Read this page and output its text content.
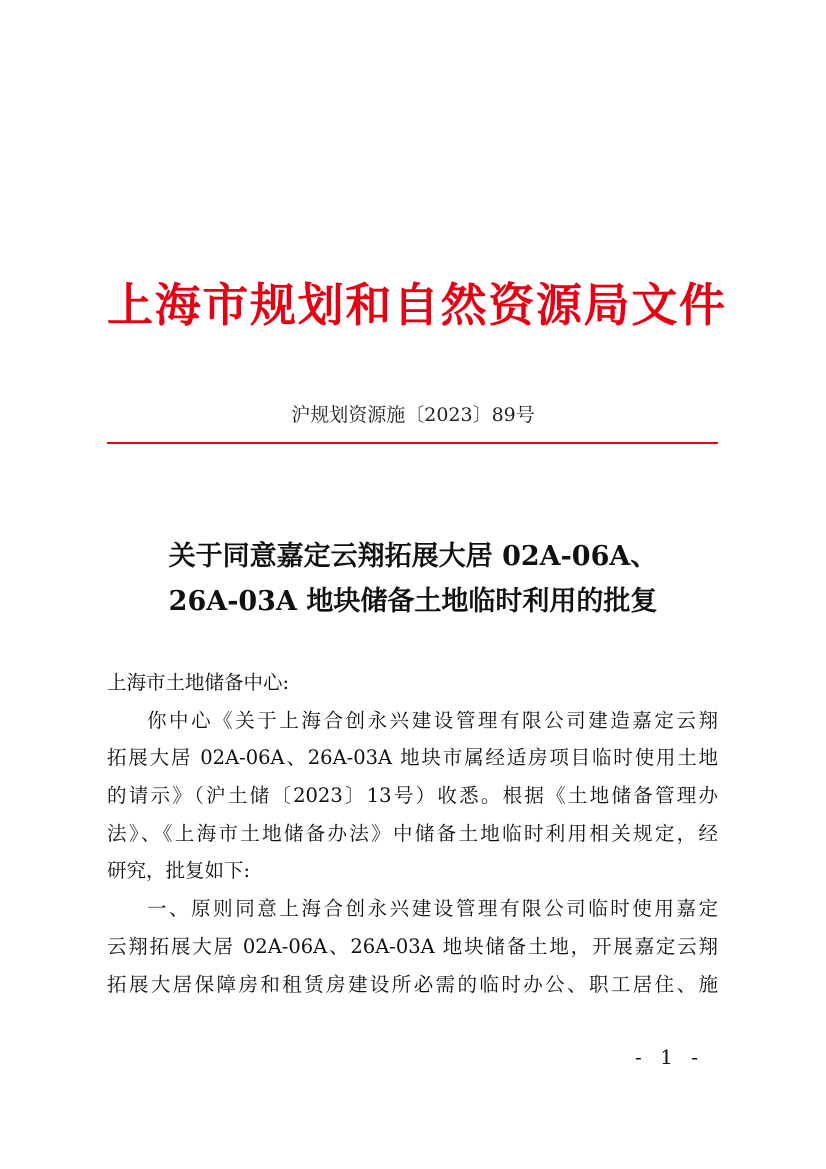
上海市规划和自然资源局文件
沪规划资源施〔2023〕89号
关于同意嘉定云翔拓展大居 02A-06A、
26A-03A 地块储备土地临时利用的批复
上海市土地储备中心:
你中心《关于上海合创永兴建设管理有限公司建造嘉定云翔
拓展大居 02A-06A、26A-03A 地块市属经适房项目临时使用土地
的请示》（沪土储〔2023〕13号）收悉。根据《土地储备管理办
法》、《上海市土地储备办法》中储备土地临时利用相关规定，经
研究，批复如下:
一、原则同意上海合创永兴建设管理有限公司临时使用嘉定
云翔拓展大居 02A-06A、26A-03A 地块储备土地，开展嘉定云翔
拓展大居保障房和租赁房建设所必需的临时办公、职工居住、施
- 1 -
